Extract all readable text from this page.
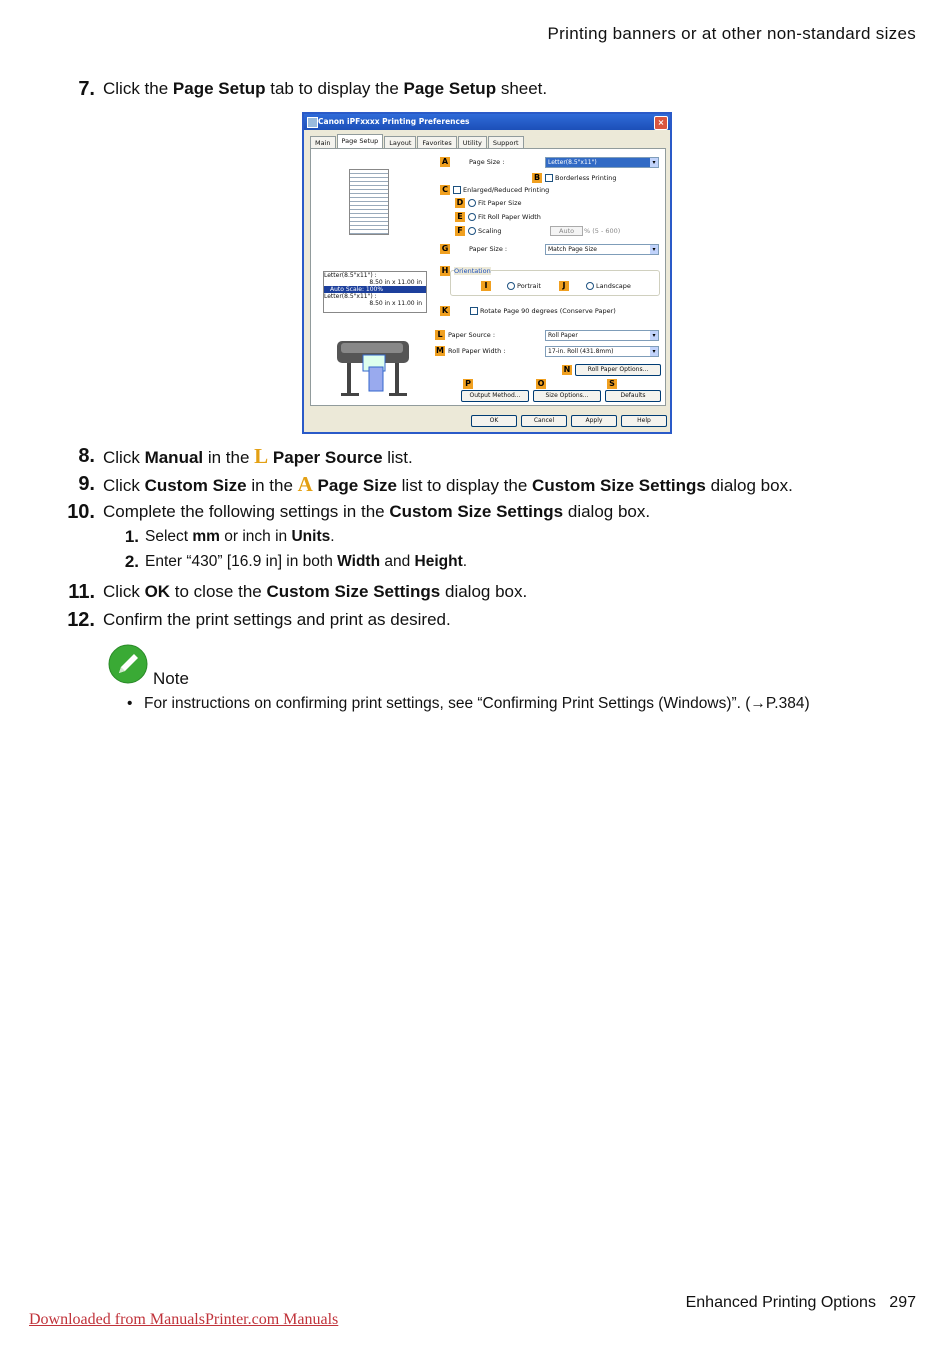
Printing banners or at other non-standard sizes
7. Click the Page Setup tab to display the Page Setup sheet.
Canon iPFxxxx Printing Preferences	×
Main	Page Setup	Layout	Favorites	Utility	Support
Letter(8.5"x11") :
8.50 in x 11.00 in
Auto Scale: 100%
Letter(8.5"x11") :
8.50 in x 11.00 in
A	Page Size :	Letter(8.5"x11") ▾
B	Borderless Printing
C	Enlarged/Reduced Printing
D	Fit Paper Size
E	Fit Roll Paper Width
F	Scaling	Auto	% (5 - 600)
G	Paper Size :	Match Page Size ▾
H Orientation
I	Portrait	J	Landscape
K	Rotate Page 90 degrees (Conserve Paper)
L Paper Source :	Roll Paper ▾
M Roll Paper Width :	17-in. Roll (431.8mm) ▾
N	Roll Paper Options...
P	O	S
Output Method...	Size Options...	Defaults
OK	Cancel	Apply	Help
8. Click Manual in the L Paper Source list.
9. Click Custom Size in the A Page Size list to display the Custom Size Settings dialog box.
10. Complete the following settings in the Custom Size Settings dialog box.
1. Select mm or inch in Units.
2. Enter “430” [16.9 in] in both Width and Height.
11. Click OK to close the Custom Size Settings dialog box.
12. Confirm the print settings and print as desired.
Note
• For instructions on confirming print settings, see “Confirming Print Settings (Windows)”. (→P.384)
Enhanced Printing Options 297
Downloaded from ManualsPrinter.com Manuals
